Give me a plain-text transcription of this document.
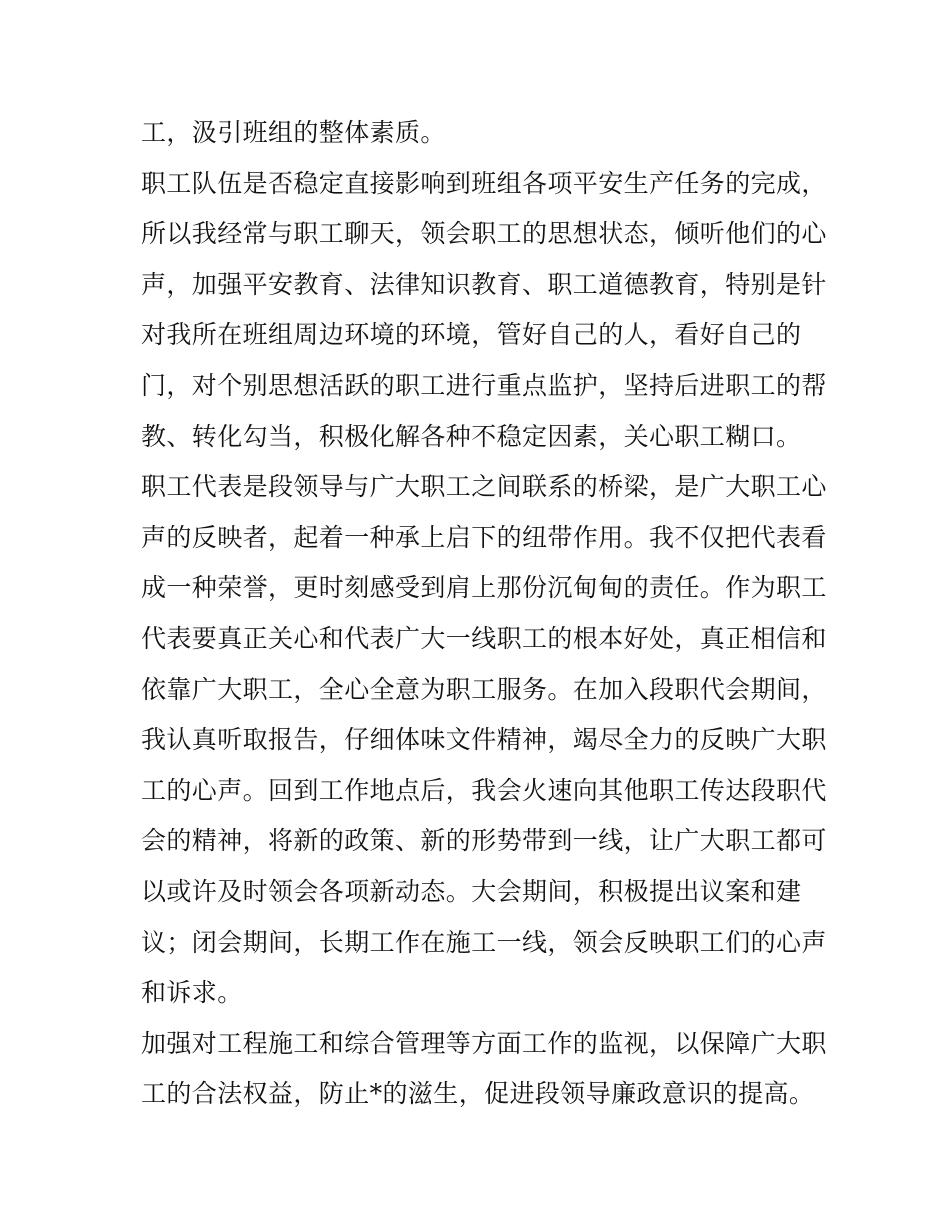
工，汲引班组的整体素质。
职工队伍是否稳定直接影响到班组各项平安生产任务的完成，
所以我经常与职工聊天，领会职工的思想状态，倾听他们的心
声，加强平安教育、法律知识教育、职工道德教育，特别是针
对我所在班组周边环境的环境，管好自己的人，看好自己的
门，对个别思想活跃的职工进行重点监护，坚持后进职工的帮
教、转化勾当，积极化解各种不稳定因素，关心职工糊口。
职工代表是段领导与广大职工之间联系的桥梁，是广大职工心
声的反映者，起着一种承上启下的纽带作用。我不仅把代表看
成一种荣誉，更时刻感受到肩上那份沉甸甸的责任。作为职工
代表要真正关心和代表广大一线职工的根本好处，真正相信和
依靠广大职工，全心全意为职工服务。在加入段职代会期间，
我认真听取报告，仔细体味文件精神，竭尽全力的反映广大职
工的心声。回到工作地点后，我会火速向其他职工传达段职代
会的精神，将新的政策、新的形势带到一线，让广大职工都可
以或许及时领会各项新动态。大会期间，积极提出议案和建
议；闭会期间，长期工作在施工一线，领会反映职工们的心声
和诉求。
加强对工程施工和综合管理等方面工作的监视，以保障广大职
工的合法权益，防止*的滋生，促进段领导廉政意识的提高。
